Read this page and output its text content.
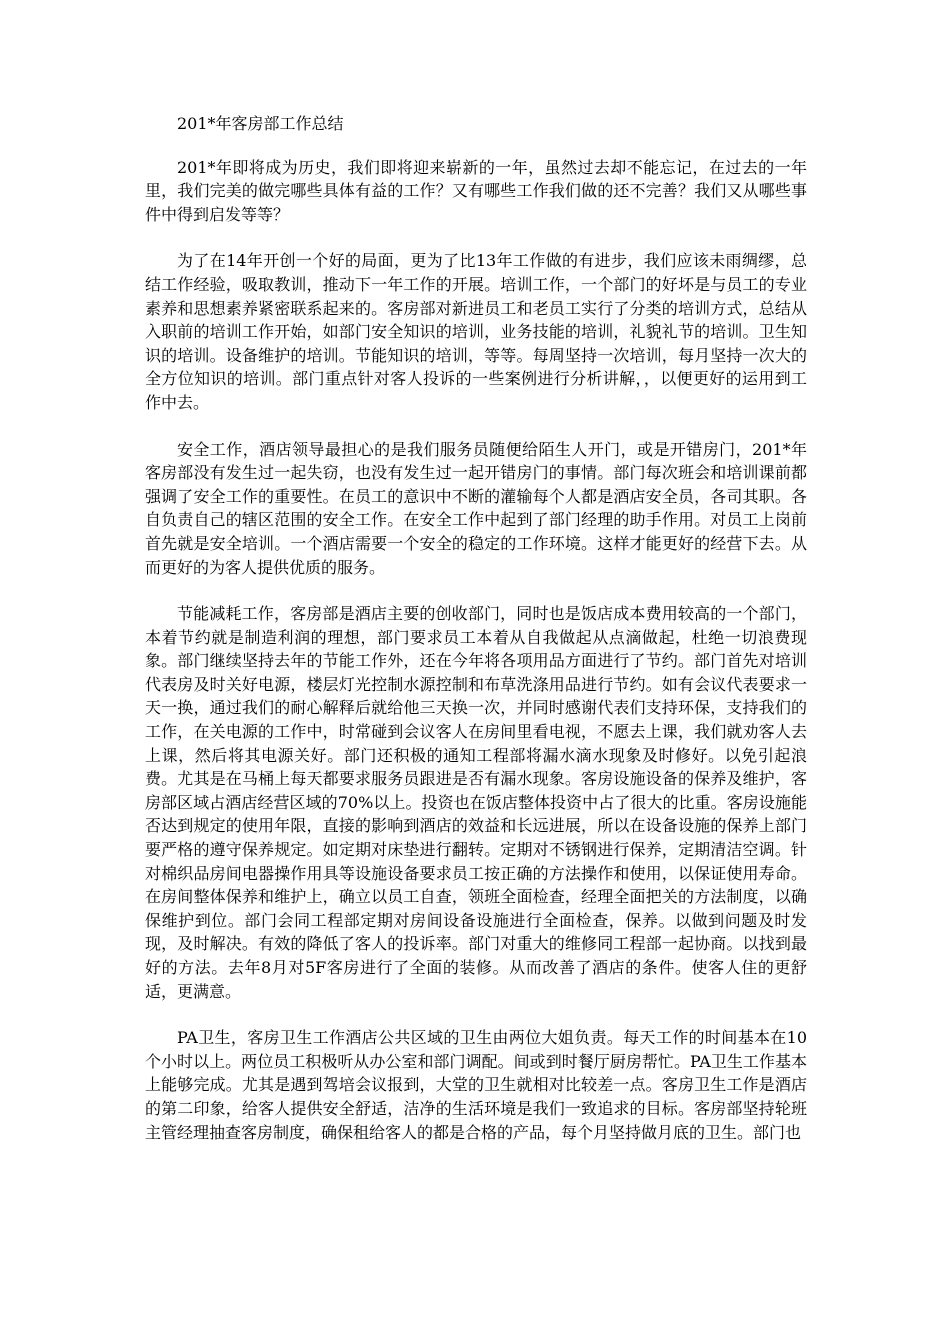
201*年客房部工作总结

201*年即将成为历史，我们即将迎来崭新的一年，虽然过去却不能忘记，在过去的一年里，我们完美的做完哪些具体有益的工作？又有哪些工作我们做的还不完善？我们又从哪些事件中得到启发等等？

为了在14年开创一个好的局面，更为了比13年工作做的有进步，我们应该未雨绸缪，总结工作经验，吸取教训，推动下一年工作的开展。培训工作，一个部门的好坏是与员工的专业素养和思想素养紧密联系起来的。客房部对新进员工和老员工实行了分类的培训方式，总结从入职前的培训工作开始，如部门安全知识的培训，业务技能的培训，礼貌礼节的培训。卫生知识的培训。设备维护的培训。节能知识的培训，等等。每周坚持一次培训，每月坚持一次大的全方位知识的培训。部门重点针对客人投诉的一些案例进行分析讲解，，以便更好的运用到工作中去。

安全工作，酒店领导最担心的是我们服务员随便给陌生人开门，或是开错房门，201*年客房部没有发生过一起失窃，也没有发生过一起开错房门的事情。部门每次班会和培训课前都强调了安全工作的重要性。在员工的意识中不断的灌输每个人都是酒店安全员，各司其职。各自负责自己的辖区范围的安全工作。在安全工作中起到了部门经理的助手作用。对员工上岗前首先就是安全培训。一个酒店需要一个安全的稳定的工作环境。这样才能更好的经营下去。从而更好的为客人提供优质的服务。

节能减耗工作，客房部是酒店主要的创收部门，同时也是饭店成本费用较高的一个部门，本着节约就是制造利润的理想，部门要求员工本着从自我做起从点滴做起，杜绝一切浪费现象。部门继续坚持去年的节能工作外，还在今年将各项用品方面进行了节约。部门首先对培训代表房及时关好电源，楼层灯光控制水源控制和布草洗涤用品进行节约。如有会议代表要求一天一换，通过我们的耐心解释后就给他三天换一次，并同时感谢代表们支持环保，支持我们的工作，在关电源的工作中，时常碰到会议客人在房间里看电视，不愿去上课，我们就劝客人去上课，然后将其电源关好。部门还积极的通知工程部将漏水滴水现象及时修好。以免引起浪费。尤其是在马桶上每天都要求服务员跟进是否有漏水现象。客房设施设备的保养及维护，客房部区域占酒店经营区域的70%以上。投资也在饭店整体投资中占了很大的比重。客房设施能否达到规定的使用年限，直接的影响到酒店的效益和长远进展，所以在设备设施的保养上部门要严格的遵守保养规定。如定期对床垫进行翻转。定期对不锈钢进行保养，定期清洁空调。针对棉织品房间电器操作用具等设施设备要求员工按正确的方法操作和使用，以保证使用寿命。在房间整体保养和维护上，确立以员工自查，领班全面检查，经理全面把关的方法制度，以确保维护到位。部门会同工程部定期对房间设备设施进行全面检查，保养。以做到问题及时发现，及时解决。有效的降低了客人的投诉率。部门对重大的维修同工程部一起协商。以找到最好的方法。去年8月对5F客房进行了全面的装修。从而改善了酒店的条件。使客人住的更舒适，更满意。

PA卫生，客房卫生工作酒店公共区域的卫生由两位大姐负责。每天工作的时间基本在10个小时以上。两位员工积极听从办公室和部门调配。间或到时餐厅厨房帮忙。PA卫生工作基本上能够完成。尤其是遇到驾培会议报到，大堂的卫生就相对比较差一点。客房卫生工作是酒店的第二印象，给客人提供安全舒适，洁净的生活环境是我们一致追求的目标。客房部坚持轮班主管经理抽查客房制度，确保租给客人的都是合格的产品，每个月坚持做月底的卫生。部门也
